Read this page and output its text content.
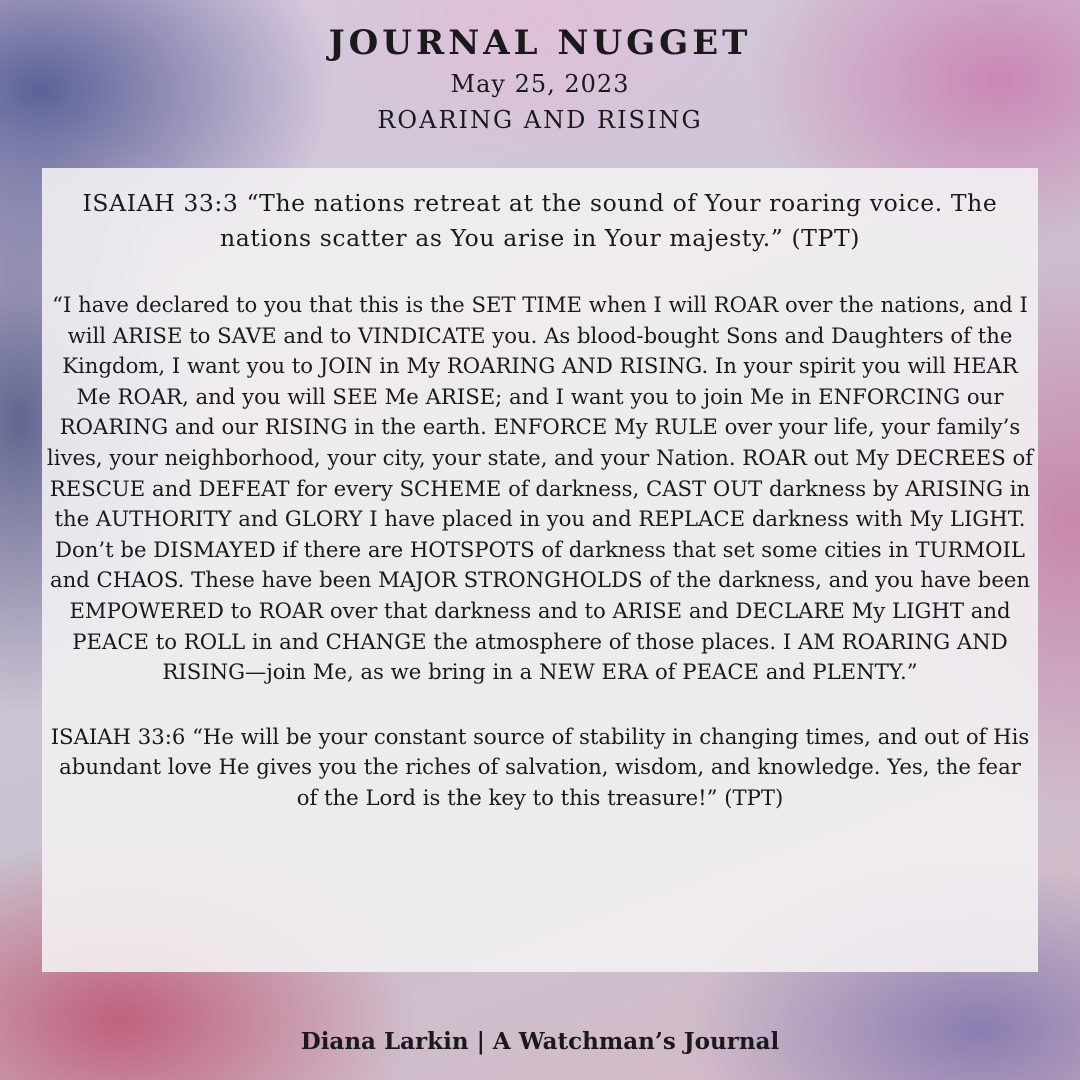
JOURNAL NUGGET
May 25, 2023
ROARING AND RISING

ISAIAH 33:3 “The nations retreat at the sound of Your roaring voice. The nations scatter as You arise in Your majesty.” (TPT)

“I have declared to you that this is the SET TIME when I will ROAR over the nations, and I will ARISE to SAVE and to VINDICATE you. As blood-bought Sons and Daughters of the Kingdom, I want you to JOIN in My ROARING AND RISING. In your spirit you will HEAR Me ROAR, and you will SEE Me ARISE; and I want you to join Me in ENFORCING our ROARING and our RISING in the earth. ENFORCE My RULE over your life, your family’s lives, your neighborhood, your city, your state, and your Nation. ROAR out My DECREES of RESCUE and DEFEAT for every SCHEME of darkness, CAST OUT darkness by ARISING in the AUTHORITY and GLORY I have placed in you and REPLACE darkness with My LIGHT. Don’t be DISMAYED if there are HOTSPOTS of darkness that set some cities in TURMOIL and CHAOS. These have been MAJOR STRONGHOLDS of the darkness, and you have been EMPOWERED to ROAR over that darkness and to ARISE and DECLARE My LIGHT and PEACE to ROLL in and CHANGE the atmosphere of those places. I AM ROARING AND RISING—join Me, as we bring in a NEW ERA of PEACE and PLENTY.”

ISAIAH 33:6 “He will be your constant source of stability in changing times, and out of His abundant love He gives you the riches of salvation, wisdom, and knowledge. Yes, the fear of the Lord is the key to this treasure!” (TPT)

Diana Larkin | A Watchman’s Journal
